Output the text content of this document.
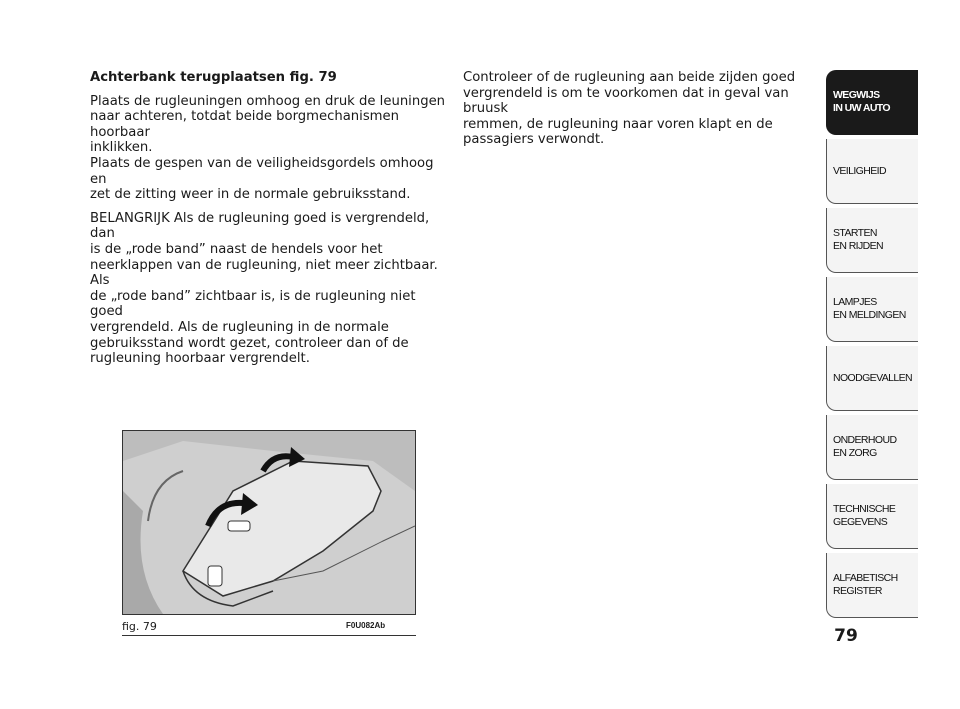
Achterbank terugplaatsen fig. 79

Plaats de rugleuningen omhoog en druk de leuningen
naar achteren, totdat beide borgmechanismen hoorbaar
inklikken.
Plaats de gespen van de veiligheidsgordels omhoog en
zet de zitting weer in de normale gebruiksstand.

BELANGRIJK Als de rugleuning goed is vergrendeld, dan
is de „rode band” naast de hendels voor het
neerklappen van de rugleuning, niet meer zichtbaar. Als
de „rode band” zichtbaar is, is de rugleuning niet goed
vergrendeld. Als de rugleuning in de normale
gebruiksstand wordt gezet, controleer dan of de
rugleuning hoorbaar vergrendelt.

Controleer of de rugleuning aan beide zijden goed
vergrendeld is om te voorkomen dat in geval van bruusk
remmen, de rugleuning naar voren klapt en de
passagiers verwondt.

fig. 79	F0U082Ab
WEGWIJS
IN UW AUTO
VEILIGHEID
STARTEN
EN RIJDEN
LAMPJES
EN MELDINGEN
NOODGEVALLEN
ONDERHOUD
EN ZORG
TECHNISCHE
GEGEVENS
ALFABETISCH
REGISTER
79
